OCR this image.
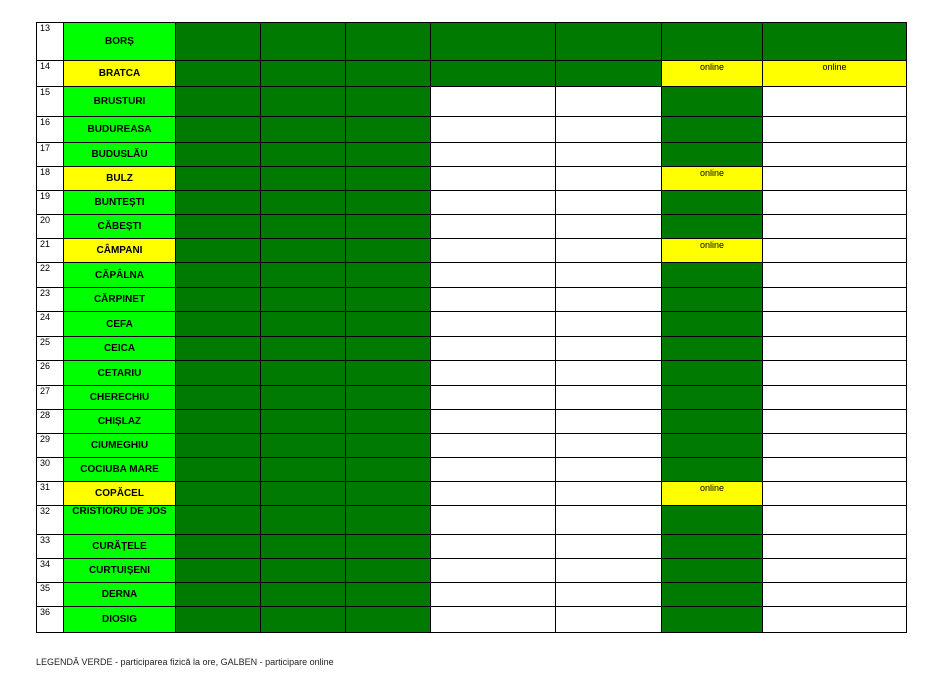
13	BORȘ							
14	BRATCA						online	online

15	BRUSTURI							
16	BUDUREASA							
17	BUDUSLĂU							
18	BULZ						online	

19	BUNTEȘTI							
20	CĂBEȘTI							
21	CÂMPANI						online	

22	CĂPÂLNA							
23	CĂRPINET							
24	CEFA							
25	CEICA							
26	CETARIU							
27	CHERECHIU							
28	CHIȘLAZ							
29	CIUMEGHIU							
30	COCIUBA MARE							
31	COPĂCEL						online	

32	CRISTIORU DE JOS							
33	CURĂȚELE							
34	CURTUIȘENI							
35	DERNA							
36	DIOSIG							
LEGENDĂ VERDE - participarea fizică la ore, GALBEN - participare online
